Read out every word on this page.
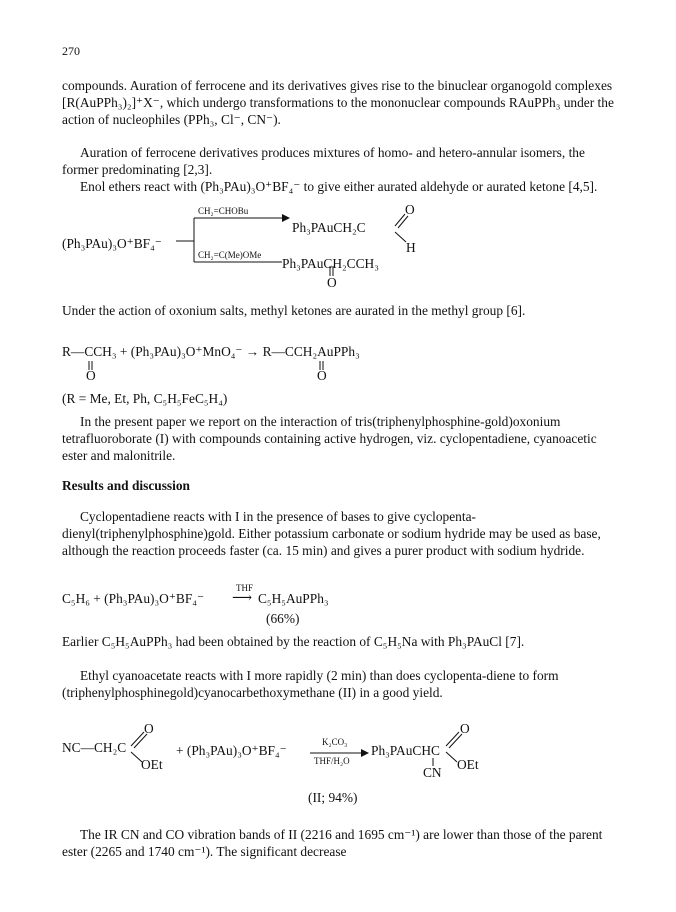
270

compounds. Auration of ferrocene and its derivatives gives rise to the binuclear organogold complexes [R(AuPPh₃)₂]⁺X⁻, which undergo transformations to the mononuclear compounds RAuPPh₃ under the action of nucleophiles (PPh₃, Cl⁻, CN⁻).

Auration of ferrocene derivatives produces mixtures of homo- and hetero-annular isomers, the former predominating [2,3].

Enol ethers react with (Ph₃PAu)₃O⁺BF₄⁻ to give either aurated aldehyde or aurated ketone [4,5].

(Ph₃PAu)₃O⁺BF₄⁻
CH₂=CHOBu
Ph₃PAuCH₂C
O
H
CH₂=C(Me)OMe
Ph₃PAuCH₂CCH₃
O

Under the action of oxonium salts, methyl ketones are aurated in the methyl group [6].

R—CCH₃ + (Ph₃PAu)₃O⁺MnO₄⁻ → R—CCH₂AuPPh₃
O	O
(R = Me, Et, Ph, C₅H₅FeC₅H₄)

In the present paper we report on the interaction of tris(triphenylphosphine-gold)oxonium tetrafluoroborate (I) with compounds containing active hydrogen, viz. cyclopentadiene, cyanoacetic ester and malonitrile.

Results and discussion

Cyclopentadiene reacts with I in the presence of bases to give cyclopenta-dienyl(triphenylphosphine)gold. Either potassium carbonate or sodium hydride may be used as base, although the reaction proceeds faster (ca. 15 min) and gives a purer product with sodium hydride.

C₅H₆ + (Ph₃PAu)₃O⁺BF₄⁻
THF
⟶ C₅H₅AuPPh₃
(66%)

Earlier C₅H₅AuPPh₃ had been obtained by the reaction of C₅H₅Na with Ph₃PAuCl [7].

Ethyl cyanoacetate reacts with I more rapidly (2 min) than does cyclopenta-diene to form (triphenylphosphinegold)cyanocarbethoxymethane (II) in a good yield.

NC—CH₂C
O
OEt
+ (Ph₃PAu)₃O⁺BF₄⁻
K₂CO₃
THF/H₂O
Ph₃PAuCHC
O
OEt
CN
(II; 94%)

The IR CN and CO vibration bands of II (2216 and 1695 cm⁻¹) are lower than those of the parent ester (2265 and 1740 cm⁻¹). The significant decrease
